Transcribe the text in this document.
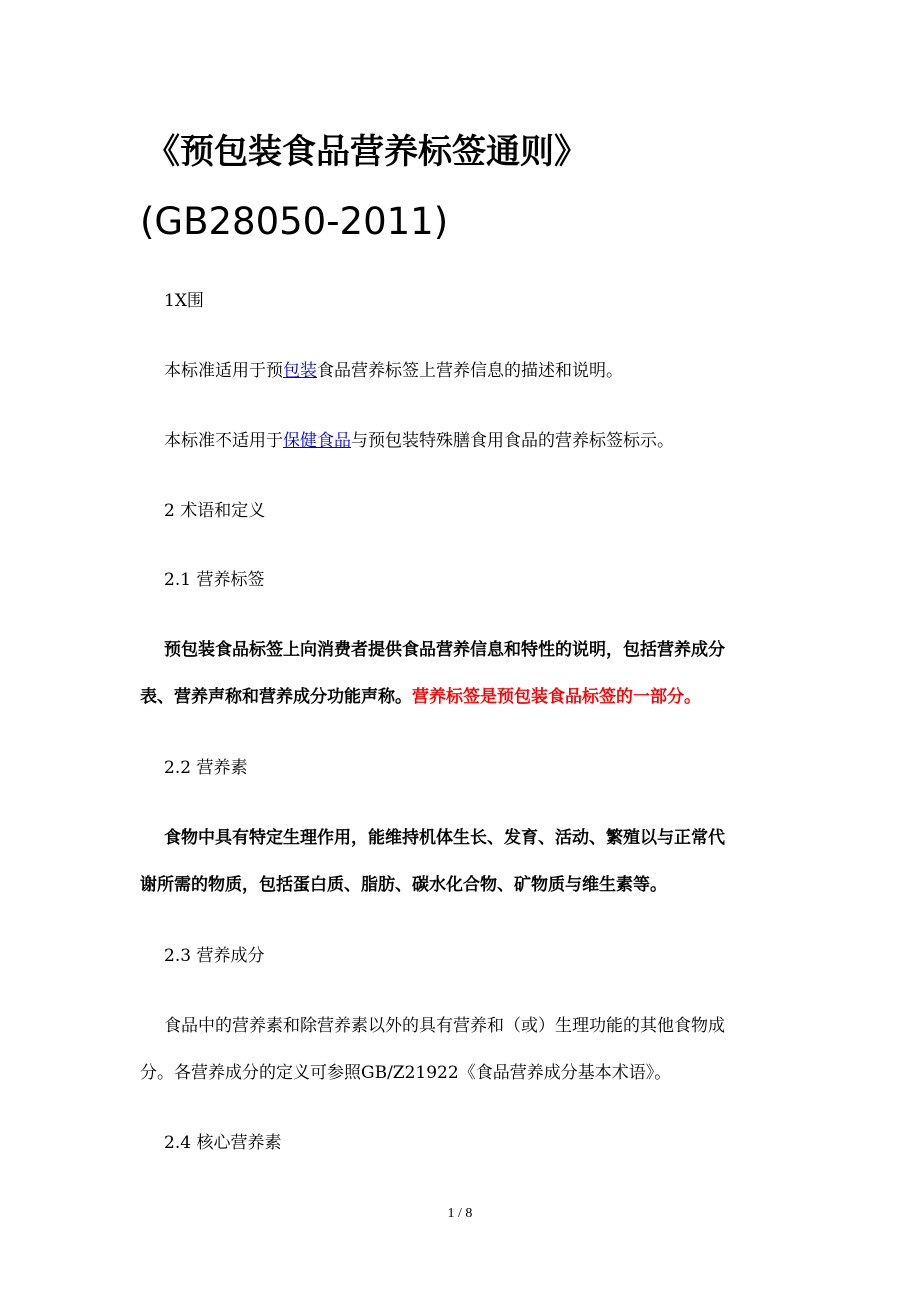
《预包装食品营养标签通则》
(GB28050-2011)
1X围
本标准适用于预包装食品营养标签上营养信息的描述和说明。
本标准不适用于保健食品与预包装特殊膳食用食品的营养标签标示。
2 术语和定义
2.1 营养标签
预包装食品标签上向消费者提供食品营养信息和特性的说明，包括营养成分
表、营养声称和营养成分功能声称。营养标签是预包装食品标签的一部分。
2.2 营养素
食物中具有特定生理作用，能维持机体生长、发育、活动、繁殖以与正常代
谢所需的物质，包括蛋白质、脂肪、碳水化合物、矿物质与维生素等。
2.3 营养成分
食品中的营养素和除营养素以外的具有营养和（或）生理功能的其他食物成
分。各营养成分的定义可参照GB/Z21922《食品营养成分基本术语》。
2.4 核心营养素
1 / 8
